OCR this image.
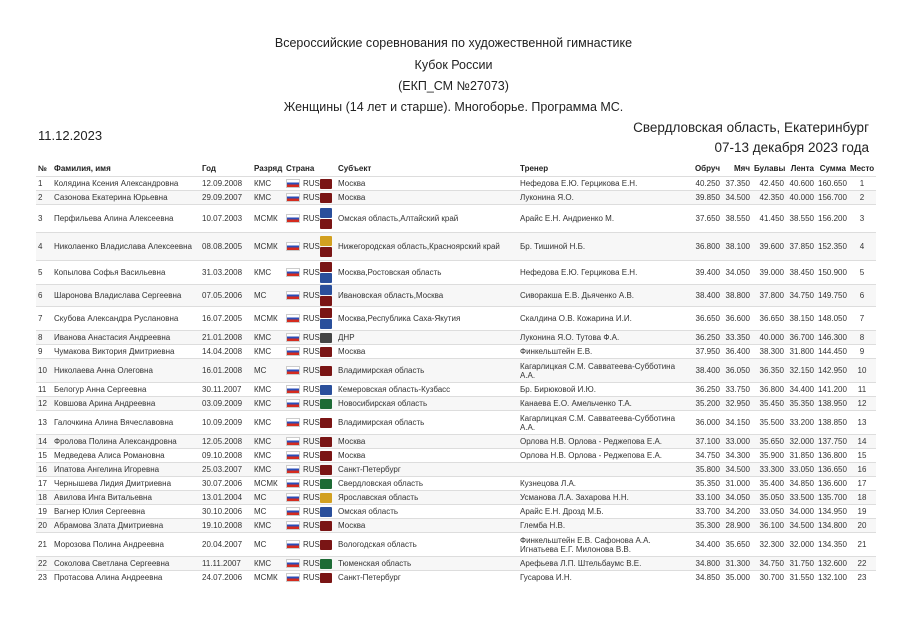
Всероссийские соревнования по художественной гимнастике
Кубок России
(ЕКП_СМ №27073)
Женщины (14 лет и старше). Многоборье. Программа МС.
11.12.2023
Свердловская область, Екатеринбург
07-13 декабря 2023 года
№	Фамилия, имя	Год	Разряд	Страна		Субъект	Тренер	Обруч	Мяч	Булавы	Лента	Сумма	Место
1	Колядина Ксения Александровна	12.09.2008	КМС	RUS		Москва	Нефедова Е.Ю. Герцикова Е.Н.	40.250	37.350	42.450	40.600	160.650	1
2	Сазонова Екатерина Юрьевна	29.09.2007	КМС	RUS		Москва	Луконина Я.О.	39.850	34.500	42.350	40.000	156.700	2
3	Перфильева Алина Алексеевна	10.07.2003	МСМК	RUS		Омская область,Алтайский край	Арайс Е.Н. Андриенко М.	37.650	38.550	41.450	38.550	156.200	3
4	Николаенко Владислава Алексеевна	08.08.2005	МСМК	RUS		Нижегородская область,Красноярский край	Бр. Тишиной Н.Б.	36.800	38.100	39.600	37.850	152.350	4
5	Копылова Софья Васильевна	31.03.2008	КМС	RUS		Москва,Ростовская область	Нефедова Е.Ю. Герцикова Е.Н.	39.400	34.050	39.000	38.450	150.900	5
6	Шаронова Владислава Сергеевна	07.05.2006	МС	RUS		Ивановская область,Москва	Сиворакша Е.В. Дьяченко А.В.	38.400	38.800	37.800	34.750	149.750	6
7	Скубова Александра Руслановна	16.07.2005	МСМК	RUS		Москва,Республика Саха-Якутия	Скалдина О.В. Кожарина И.И.	36.650	36.600	36.650	38.150	148.050	7
8	Иванова Анастасия Андреевна	21.01.2008	КМС	RUS		ДНР	Луконина Я.О. Тутова Ф.А.	36.250	33.350	40.000	36.700	146.300	8
9	Чумакова Виктория Дмитриевна	14.04.2008	КМС	RUS		Москва	Финкельштейн Е.В.	37.950	36.400	38.300	31.800	144.450	9
10	Николаева Анна Олеговна	16.01.2008	МС	RUS		Владимирская область	Кагарлицкая С.М. Савватеева-Субботина А.А.	38.400	36.050	36.350	32.150	142.950	10
11	Белогур Анна Сергеевна	30.11.2007	КМС	RUS		Кемеровская область-Кузбасс	Бр. Бирюковой И.Ю.	36.250	33.750	36.800	34.400	141.200	11
12	Ковшова Арина Андреевна	03.09.2009	КМС	RUS		Новосибирская область	Канаева Е.О. Амельченко Т.А.	35.200	32.950	35.450	35.350	138.950	12
13	Галочкина Алина Вячеславовна	10.09.2009	КМС	RUS		Владимирская область	Кагарлицкая С.М. Савватеева-Субботина А.А.	36.000	34.150	35.500	33.200	138.850	13
14	Фролова Полина Александровна	12.05.2008	КМС	RUS		Москва	Орлова Н.В. Орлова - Реджепова Е.А.	37.100	33.000	35.650	32.000	137.750	14
15	Медведева Алиса Романовна	09.10.2008	КМС	RUS		Москва	Орлова Н.В. Орлова - Реджепова Е.А.	34.750	34.300	35.900	31.850	136.800	15
16	Ипатова Ангелина Игоревна	25.03.2007	КМС	RUS		Санкт-Петербург		35.800	34.500	33.300	33.050	136.650	16
17	Чернышева Лидия Дмитриевна	30.07.2006	МСМК	RUS		Свердловская область	Кузнецова Л.А.	35.350	31.000	35.400	34.850	136.600	17
18	Авилова Инга Витальевна	13.01.2004	МС	RUS		Ярославская область	Усманова Л.А. Захарова Н.Н.	33.100	34.050	35.050	33.500	135.700	18
19	Вагнер Юлия Сергеевна	30.10.2006	МС	RUS		Омская область	Арайс Е.Н. Дрозд М.Б.	33.700	34.200	33.050	34.000	134.950	19
20	Абрамова Злата Дмитриевна	19.10.2008	КМС	RUS		Москва	Глемба Н.В.	35.300	28.900	36.100	34.500	134.800	20
21	Морозова Полина Андреевна	20.04.2007	МС	RUS		Вологодская область	Финкельштейн Е.В. Сафонова А.А. Игнатьева Е.Г. Милонова В.В.	34.400	35.650	32.300	32.000	134.350	21
22	Соколова Светлана Сергеевна	11.11.2007	КМС	RUS		Тюменская область	Арефьева Л.П. Штельбаумс В.Е.	34.800	31.300	34.750	31.750	132.600	22
23	Протасова Алина Андреевна	24.07.2006	МСМК	RUS		Санкт-Петербург	Гусарова И.Н.	34.850	35.000	30.700	31.550	132.100	23
